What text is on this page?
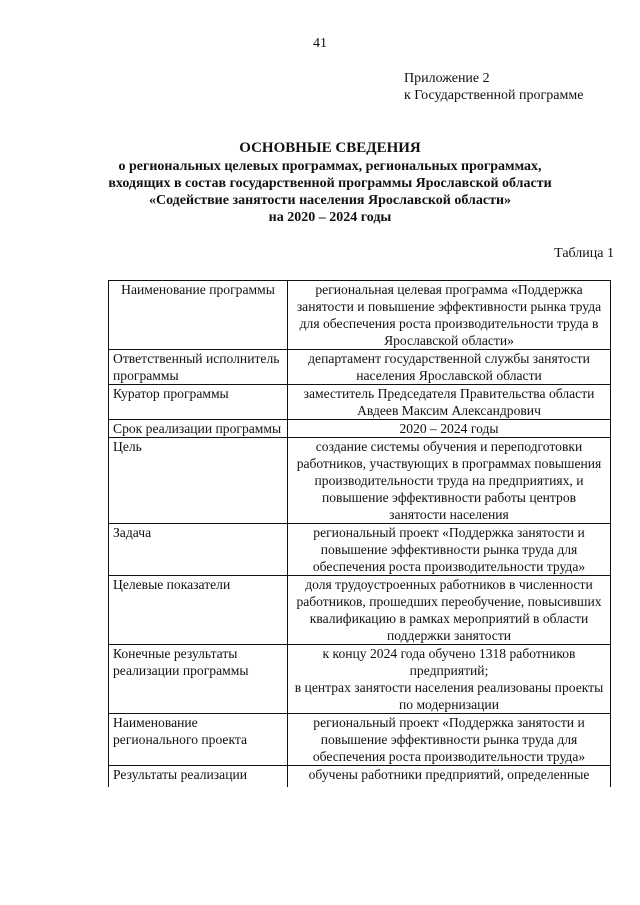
41
Приложение 2
к Государственной программе
ОСНОВНЫЕ СВЕДЕНИЯ
о региональных целевых программах, региональных программах,
входящих в состав государственной программы Ярославской области
«Содействие занятости населения Ярославской области»
на 2020 – 2024 годы
Таблица 1
Наименование программы	региональная целевая программа «Поддержка занятости и повышение эффективности рынка труда для обеспечения роста производительности труда в Ярославской области»
Ответственный исполнитель программы	департамент государственной службы занятости населения Ярославской области
Куратор программы	заместитель Председателя Правительства области Авдеев Максим Александрович
Срок реализации программы	2020 – 2024 годы
Цель	создание системы обучения и переподготовки работников, участвующих в программах повышения производительности труда на предприятиях, и повышение эффективности работы центров занятости населения
Задача	региональный проект «Поддержка занятости и повышение эффективности рынка труда для обеспечения роста производительности труда»
Целевые показатели	доля трудоустроенных работников в численности работников, прошедших переобучение, повысивших квалификацию в рамках мероприятий в области поддержки занятости
Конечные результаты реализации программы	к концу 2024 года обучено 1318 работников предприятий;
в центрах занятости населения реализованы проекты по модернизации

Наименование регионального проекта	региональный проект «Поддержка занятости и повышение эффективности рынка труда для обеспечения роста производительности труда»
Результаты реализации	обучены работники предприятий, определенные
